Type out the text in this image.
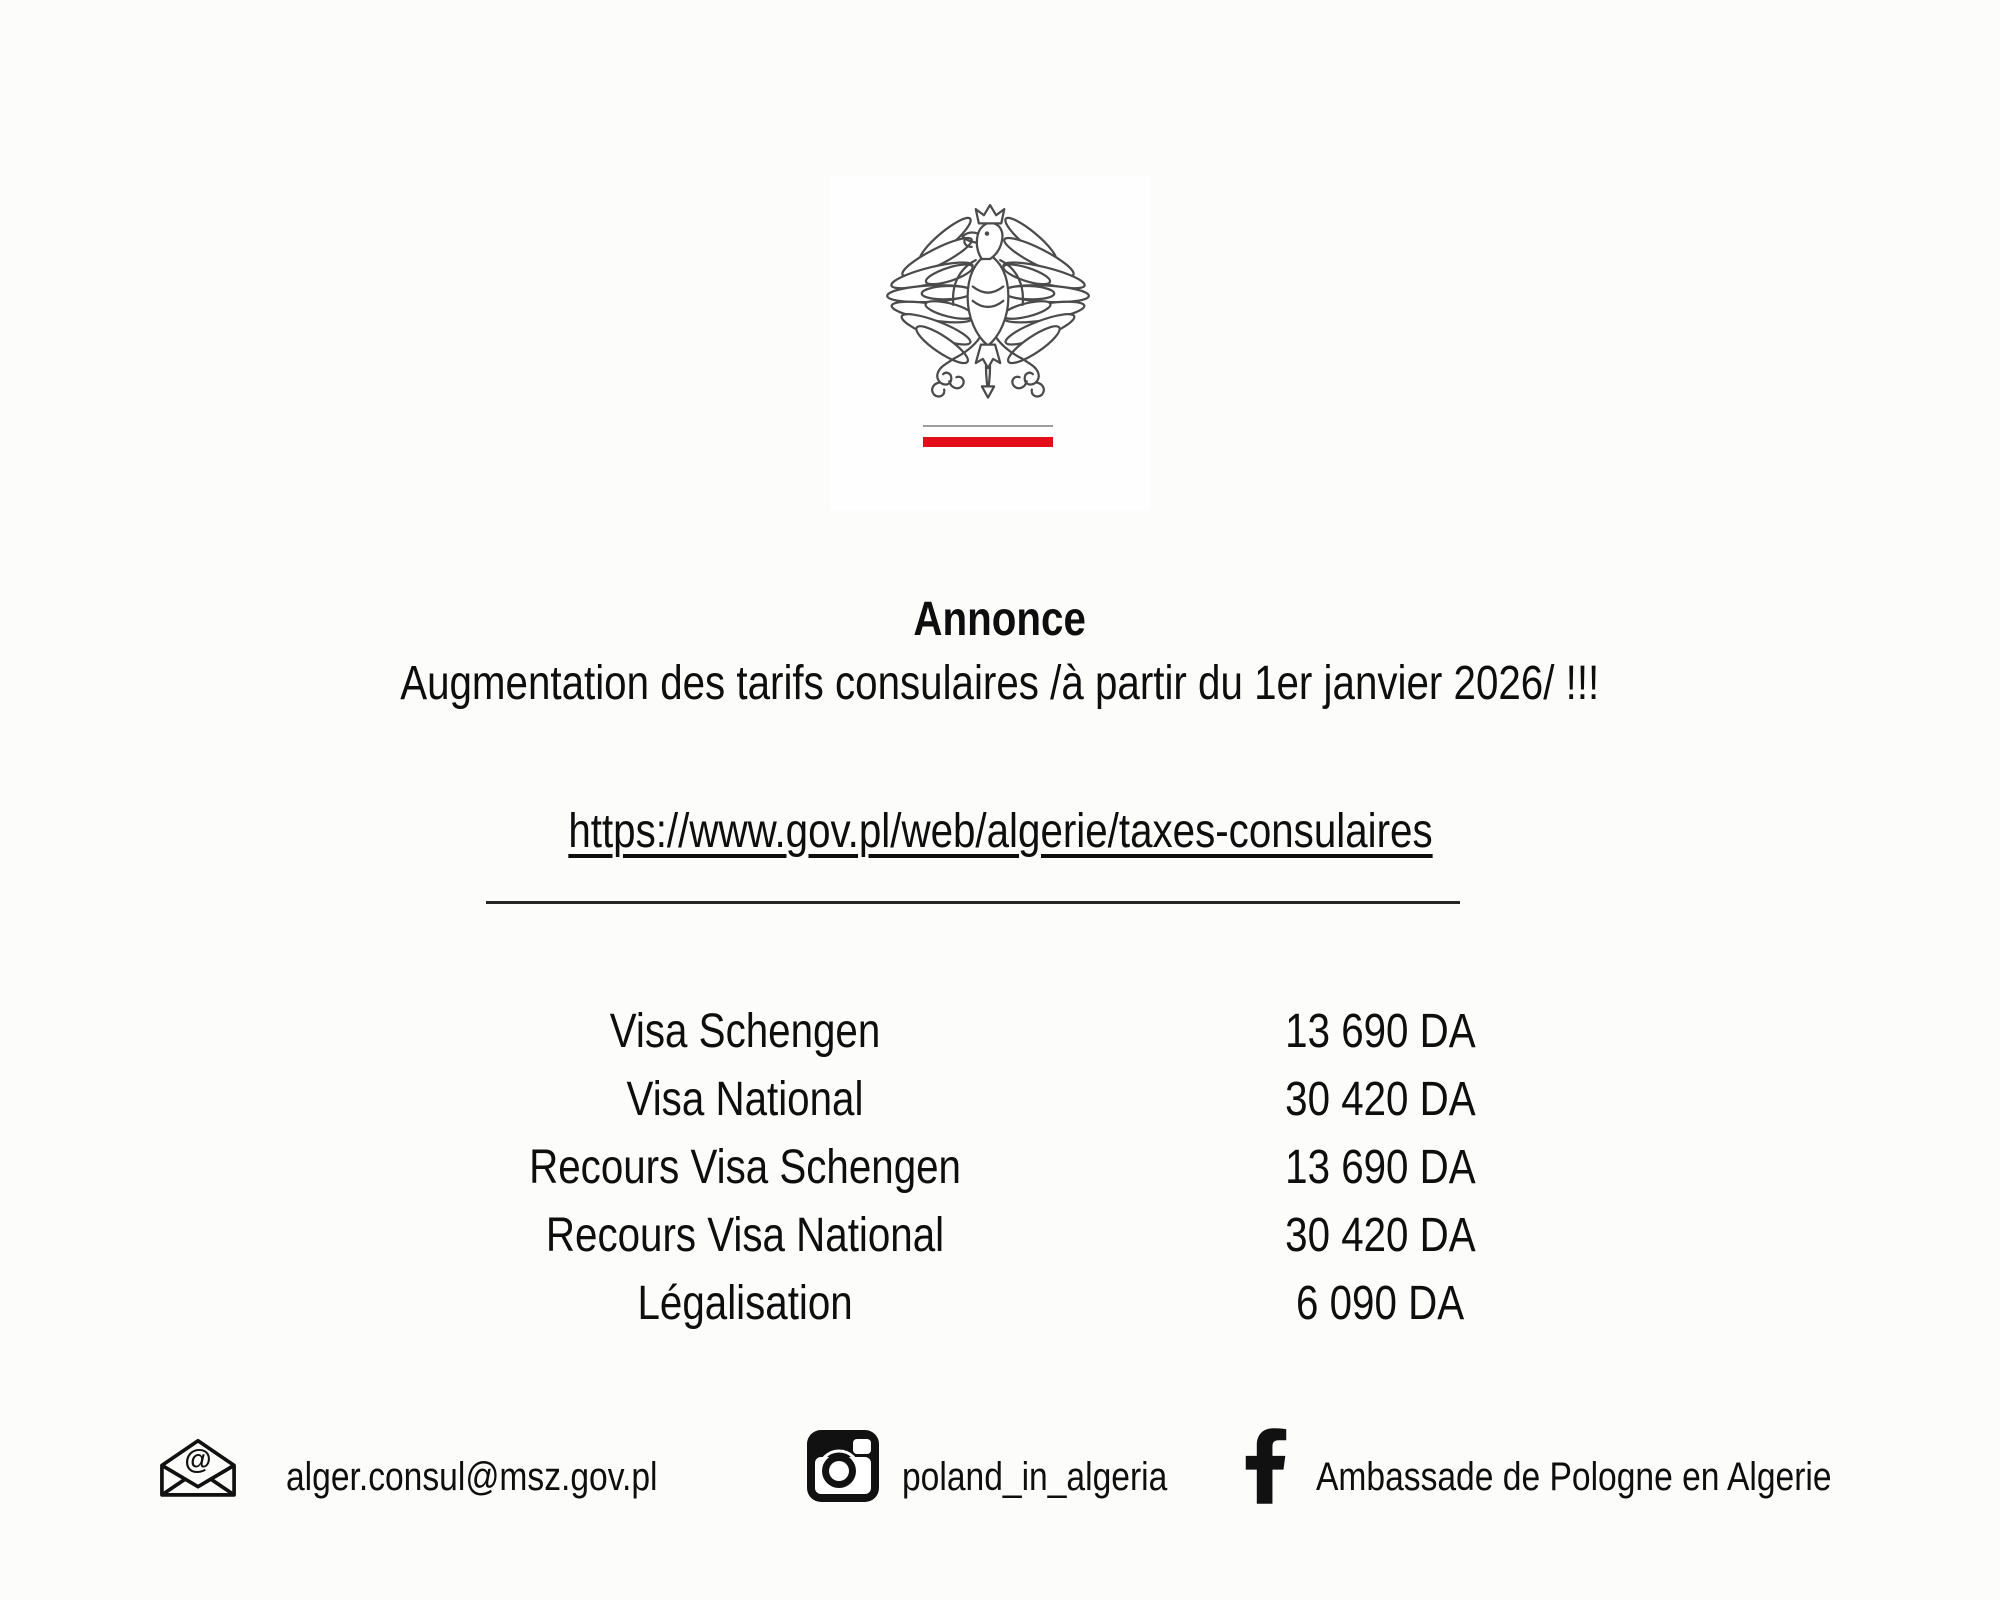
Annonce
Augmentation des tarifs consulaires /à partir du 1er janvier 2026/ !!!
https://www.gov.pl/web/algerie/taxes-consulaires
Visa Schengen	13 690 DA
Visa National	30 420 DA
Recours Visa Schengen	13 690 DA
Recours Visa National	30 420 DA
Légalisation	6 090 DA
@ alger.consul@msz.gov.pl	poland_in_algeria	Ambassade de Pologne en Algerie
